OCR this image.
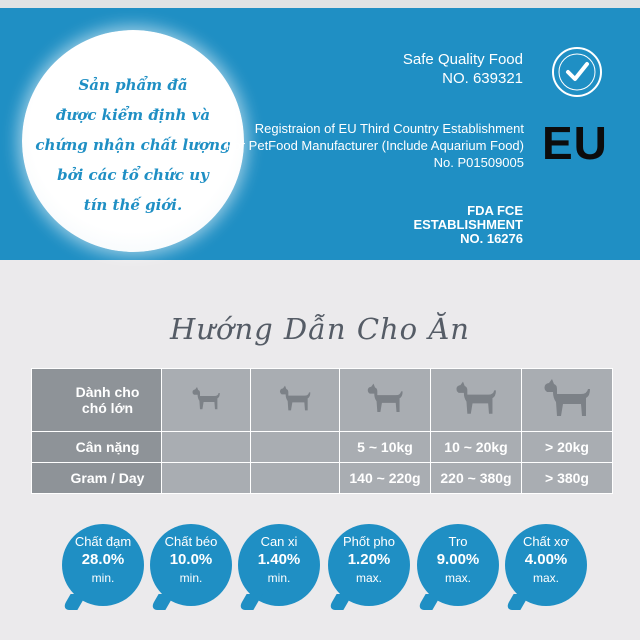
Sản phẩm đã
được kiểm định và
chứng nhận chất lượng
bởi các tổ chức uy
tín thế giới.
Safe Quality Food
NO. 639321
Registraion of EU Third Country Establishment
For PetFood Manufacturer (Include Aquarium Food)
No. P01509005 EU
FDA FCE
ESTABLISHMENT
NO. 16276
Hướng Dẫn Cho Ăn
Dành cho
chó lớn

Cân nặng			5 ~ 10kg	10 ~ 20kg	> 20kg

Gram / Day			140 ~ 220g	220 ~ 380g	> 380g
Chất đạm
28.0%
min.
Chất béo
10.0%
min.
Can xi
1.40%
min.
Phốt pho
1.20%
max.
Tro
9.00%
max.
Chất xơ
4.00%
max.
